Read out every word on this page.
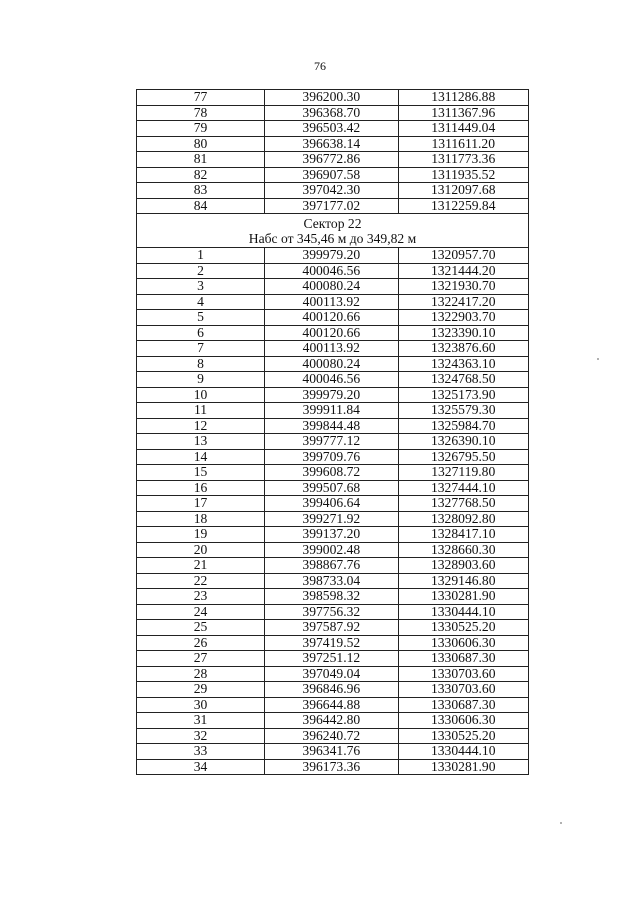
76
77	396200.30	1311286.88
78	396368.70	1311367.96
79	396503.42	1311449.04
80	396638.14	1311611.20
81	396772.86	1311773.36
82	396907.58	1311935.52
83	397042.30	1312097.68
84	397177.02	1312259.84

Сектор 22
Набс от 345,46 м до 349,82 м		

1	399979.20	1320957.70
2	400046.56	1321444.20
3	400080.24	1321930.70
4	400113.92	1322417.20
5	400120.66	1322903.70
6	400120.66	1323390.10
7	400113.92	1323876.60
8	400080.24	1324363.10
9	400046.56	1324768.50
10	399979.20	1325173.90
11	399911.84	1325579.30
12	399844.48	1325984.70
13	399777.12	1326390.10
14	399709.76	1326795.50
15	399608.72	1327119.80
16	399507.68	1327444.10
17	399406.64	1327768.50
18	399271.92	1328092.80
19	399137.20	1328417.10
20	399002.48	1328660.30
21	398867.76	1328903.60
22	398733.04	1329146.80
23	398598.32	1330281.90
24	397756.32	1330444.10
25	397587.92	1330525.20
26	397419.52	1330606.30
27	397251.12	1330687.30
28	397049.04	1330703.60
29	396846.96	1330703.60
30	396644.88	1330687.30
31	396442.80	1330606.30
32	396240.72	1330525.20
33	396341.76	1330444.10
34	396173.36	1330281.90
